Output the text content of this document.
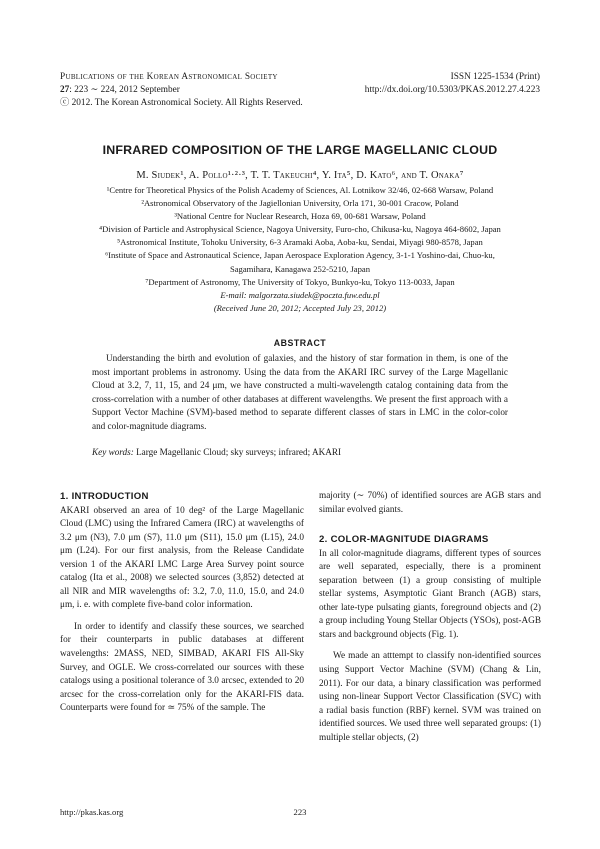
Publications of the Korean Astronomical Society
27: 223 ∼ 224, 2012 September
ⓒ 2012. The Korean Astronomical Society. All Rights Reserved.
ISSN 1225-1534 (Print)
http://dx.doi.org/10.5303/PKAS.2012.27.4.223
INFRARED COMPOSITION OF THE LARGE MAGELLANIC CLOUD
M. Siudek¹, A. Pollo¹·²·³, T. T. Takeuchi⁴, Y. Ita⁵, D. Kato⁶, and T. Onaka⁷
¹Centre for Theoretical Physics of the Polish Academy of Sciences, Al. Lotnikow 32/46, 02-668 Warsaw, Poland
²Astronomical Observatory of the Jagiellonian University, Orla 171, 30-001 Cracow, Poland
³National Centre for Nuclear Research, Hoza 69, 00-681 Warsaw, Poland
⁴Division of Particle and Astrophysical Science, Nagoya University, Furo-cho, Chikusa-ku, Nagoya 464-8602, Japan
⁵Astronomical Institute, Tohoku University, 6-3 Aramaki Aoba, Aoba-ku, Sendai, Miyagi 980-8578, Japan
⁶Institute of Space and Astronautical Science, Japan Aerospace Exploration Agency, 3-1-1 Yoshino-dai, Chuo-ku,
Sagamihara, Kanagawa 252-5210, Japan
⁷Department of Astronomy, The University of Tokyo, Bunkyo-ku, Tokyo 113-0033, Japan
E-mail: malgorzata.siudek@poczta.fuw.edu.pl
(Received June 20, 2012; Accepted July 23, 2012)
ABSTRACT
Understanding the birth and evolution of galaxies, and the history of star formation in them, is one of the most important problems in astronomy. Using the data from the AKARI IRC survey of the Large Magellanic Cloud at 3.2, 7, 11, 15, and 24 μm, we have constructed a multi-wavelength catalog containing data from the cross-correlation with a number of other databases at different wavelengths. We present the first approach with a Support Vector Machine (SVM)-based method to separate different classes of stars in LMC in the color-color and color-magnitude diagrams.
Key words: Large Magellanic Cloud; sky surveys; infrared; AKARI
1. INTRODUCTION

AKARI observed an area of 10 deg² of the Large Magellanic Cloud (LMC) using the Infrared Camera (IRC) at wavelengths of 3.2 μm (N3), 7.0 μm (S7), 11.0 μm (S11), 15.0 μm (L15), 24.0 μm (L24). For our first analysis, from the Release Candidate version 1 of the AKARI LMC Large Area Survey point source catalog (Ita et al., 2008) we selected sources (3,852) detected at all NIR and MIR wavelengths of: 3.2, 7.0, 11.0, 15.0, and 24.0 μm, i. e. with complete five-band color information.

In order to identify and classify these sources, we searched for their counterparts in public databases at different wavelengths: 2MASS, NED, SIMBAD, AKARI FIS All-Sky Survey, and OGLE. We cross-correlated our sources with these catalogs using a positional tolerance of 3.0 arcsec, extended to 20 arcsec for the cross-correlation only for the AKARI-FIS data. Counterparts were found for ≃ 75% of the sample. The

majority (∼ 70%) of identified sources are AGB stars and similar evolved giants.

2. COLOR-MAGNITUDE DIAGRAMS

In all color-magnitude diagrams, different types of sources are well separated, especially, there is a prominent separation between (1) a group consisting of multiple stellar systems, Asymptotic Giant Branch (AGB) stars, other late-type pulsating giants, foreground objects and (2) a group including Young Stellar Objects (YSOs), post-AGB stars and background objects (Fig. 1).

We made an atttempt to classify non-identified sources using Support Vector Machine (SVM) (Chang & Lin, 2011). For our data, a binary classification was performed using non-linear Support Vector Classification (SVC) with a radial basis function (RBF) kernel. SVM was trained on identified sources. We used three well separated groups: (1) multiple stellar objects, (2)

http://pkas.kas.org	223
